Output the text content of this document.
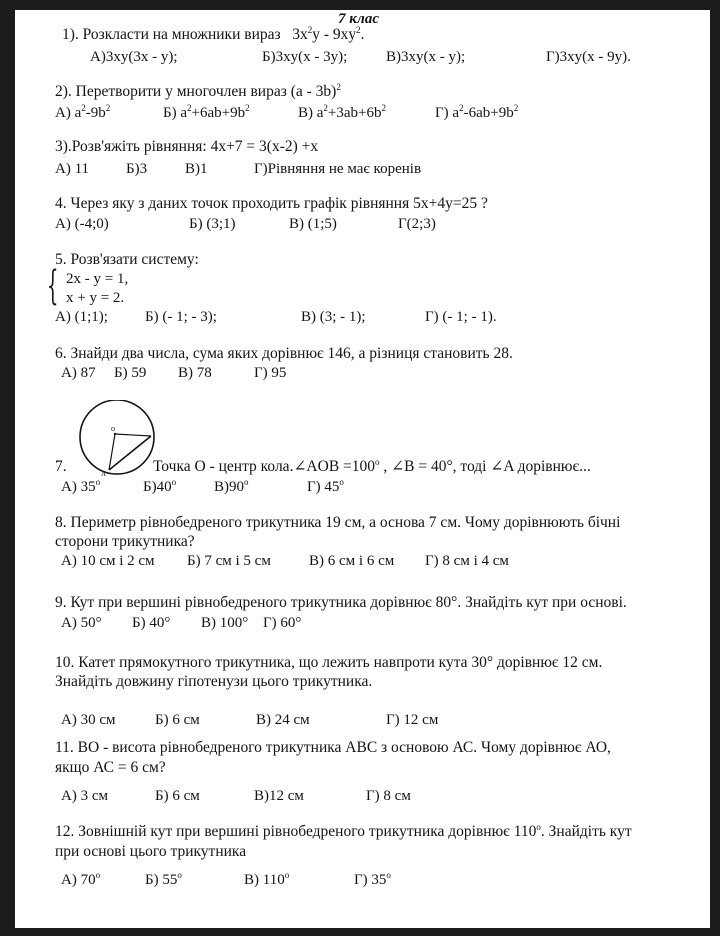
7 клас
1). Розкласти на множники вираз $3x^2y - 9xy^2$.
А)3xy(3x - y);	Б)3xy(x - 3y);	В)3xy(x - y);	Г)3xy(x - 9y).
2). Перетворити у многочлен вираз (a - 3b)$^2$
А) $a^2-9b^2$	Б) $a^2+6ab+9b^2$	В) $a^2+3ab+6b^2$	Г) $a^2-6ab+9b^2$
3).Розв'яжіть рівняння: 4x+7 = 3(x-2) +x
А) 11 Б)3	В)1	Г)Рівняння не має коренів
4. Через яку з даних точок проходить графік рівняння 5x+4y=25 ?
А) (-4;0)	Б) (3;1)	В) (1;5)	Г(2;3)
5. Розв'язати систему:
{ 2x - y = 1,
x + y = 2.
А) (1;1); Б) (- 1; - 3);	В) (3; - 1);	Г) (- 1; - 1).
6. Знайди два числа, сума яких дорівнює 146, а різниця становить 28.
А) 87 Б) 59 В) 78	Г) 95
o
A
7.	Точка O - центр кола.∠AOB $=100^о$ , ∠B = 40°, тоді ∠A дорівнює...
А) $35^о$	$Б)40^о$	$В)90^о$	Г) $45^о$
8. Периметр рівнобедреного трикутника 19 см, а основа 7 см. Чому дорівнюють бічні
сторони трикутника?
А) 10 см і 2 см Б) 7 см і 5 см	В) 6 см і 6 см Г) 8 см і 4 см
9. Кут при вершині рівнобедреного трикутника дорівнює 80°. Знайдіть кут при основі.
А) 50° Б) 40° В) 100° Г) 60°
10. Катет прямокутного трикутника, що лежить навпроти кута 30° дорівнює 12 см.
Знайдіть довжину гіпотенузи цього трикутника.
А) 30 см	Б) 6 см	В) 24 см	Г) 12 см
11. ВО - висота рівнобедреного трикутника АВС з основою АС. Чому дорівнює АО,
якщо АС = 6 см?
А) 3 см	Б) 6 см	В)12 см	Г) 8 см
12. Зовнішній кут при вершині рівнобедреного трикутника дорівнює $110^о$. Знайдіть кут
при основі цього трикутника
А) $70^о$	Б) $55^о$	В) $110^о$	Г) $35^о$
